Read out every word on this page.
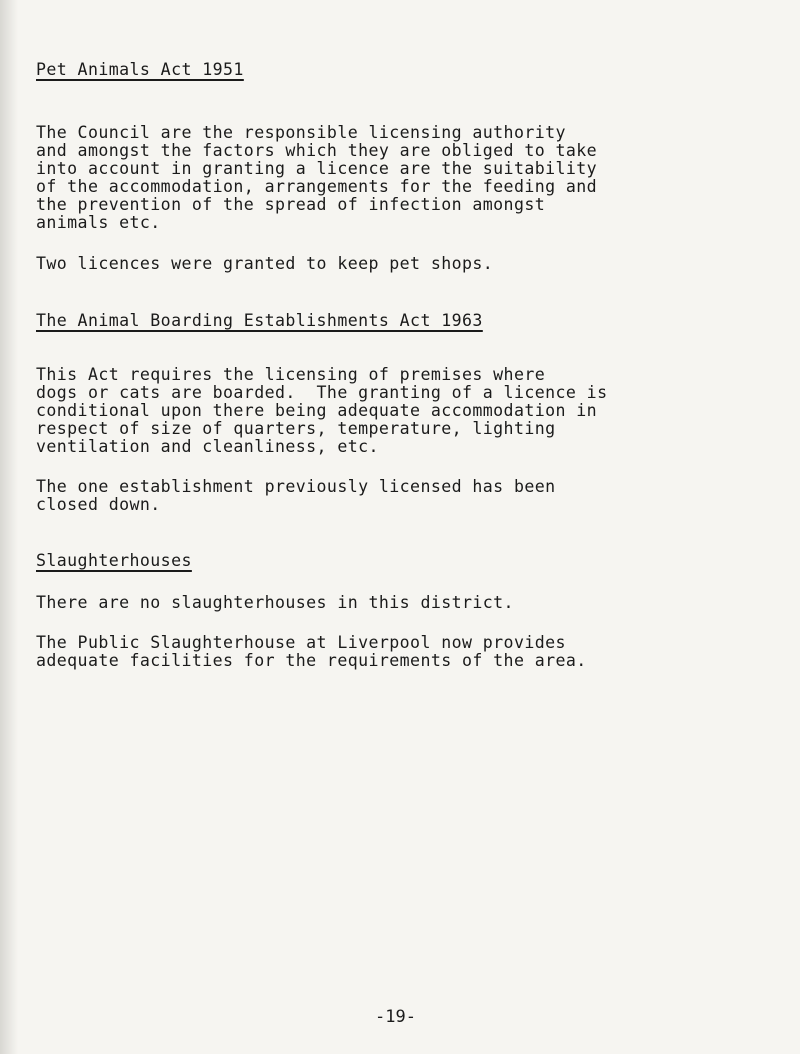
Pet Animals Act 1951
The Council are the responsible licensing authority
and amongst the factors which they are obliged to take
into account in granting a licence are the suitability
of the accommodation, arrangements for the feeding and
the prevention of the spread of infection amongst
animals etc.
Two licences were granted to keep pet shops.
The Animal Boarding Establishments Act 1963
This Act requires the licensing of premises where
dogs or cats are boarded.  The granting of a licence is
conditional upon there being adequate accommodation in
respect of size of quarters, temperature, lighting
ventilation and cleanliness, etc.
The one establishment previously licensed has been
closed down.
Slaughterhouses
There are no slaughterhouses in this district.
The Public Slaughterhouse at Liverpool now provides
adequate facilities for the requirements of the area.
-19-
